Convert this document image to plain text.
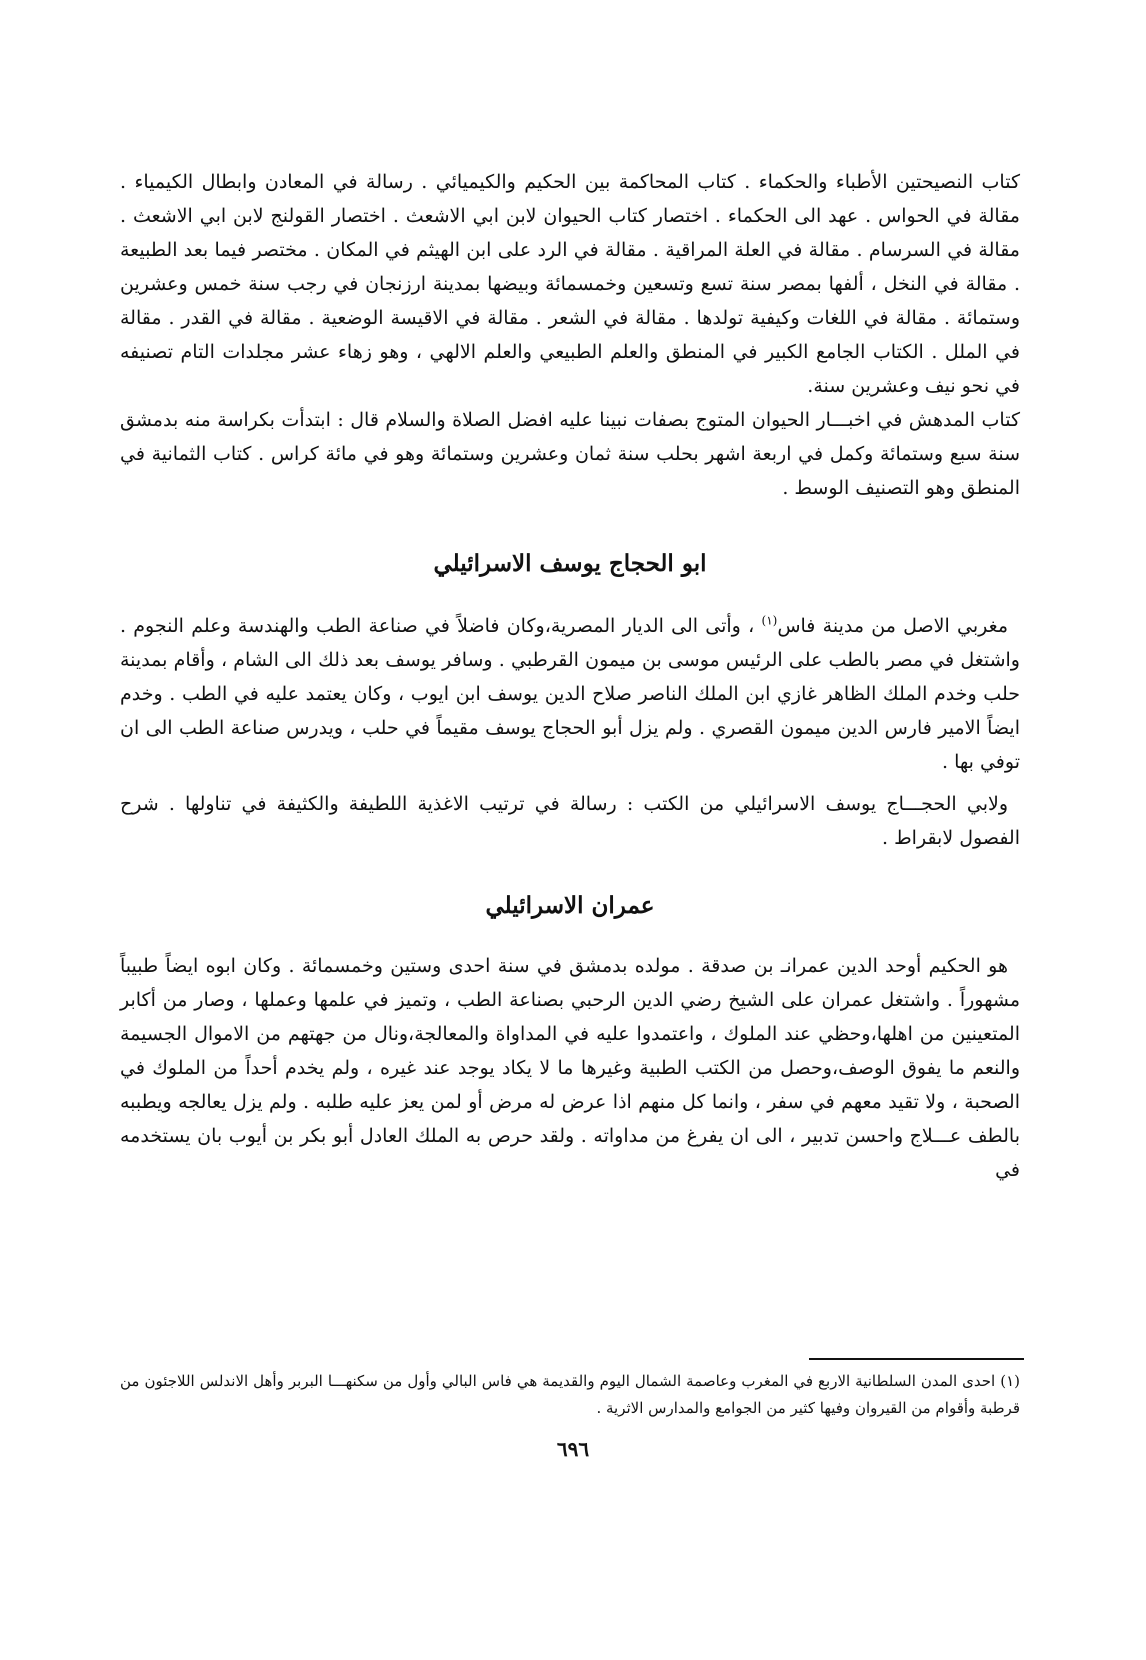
كتاب النصيحتين الأطباء والحكماء . كتاب المحاكمة بين الحكيم والكيميائي . رسالة في المعادن وابطال الكيمياء . مقالة في الحواس . عهد الى الحكماء . اختصار كتاب الحيوان لابن ابي الاشعث . اختصار القولنج لابن ابي الاشعث . مقالة في السرسام . مقالة في العلة المراقية . مقالة في الرد على ابن الهيثم في المكان . مختصر فيما بعد الطبيعة . مقالة في النخل ، ألفها بمصر سنة تسع وتسعين وخمسمائة وبيضها بمدينة ارزنجان في رجب سنة خمس وعشرين وستمائة . مقالة في اللغات وكيفية تولدها . مقالة في الشعر . مقالة في الاقيسة الوضعية . مقالة في القدر . مقالة في الملل . الكتاب الجامع الكبير في المنطق والعلم الطبيعي والعلم الالهي ، وهو زهاء عشر مجلدات التام تصنيفه في نحو نيف وعشرين سنة.

كتاب المدهش في اخبـــار الحيوان المتوج بصفات نبينا عليه افضل الصلاة والسلام قال : ابتدأت بكراسة منه بدمشق سنة سبع وستمائة وكمل في اربعة اشهر بحلب سنة ثمان وعشرين وستمائة وهو في مائة كراس . كتاب الثمانية في المنطق وهو التصنيف الوسط .

ابو الحجاج يوسف الاسرائيلي

مغربي الاصل من مدينة فاس$^{(١)}$ ، وأتى الى الديار المصرية،وكان فاضلاً في صناعة الطب والهندسة وعلم النجوم . واشتغل في مصر بالطب على الرئيس موسى بن ميمون القرطبي . وسافر يوسف بعد ذلك الى الشام ، وأقام بمدينة حلب وخدم الملك الظاهر غازي ابن الملك الناصر صلاح الدين يوسف ابن ايوب ، وكان يعتمد عليه في الطب . وخدم ايضاً الامير فارس الدين ميمون القصري . ولم يزل أبو الحجاج يوسف مقيماً في حلب ، ويدرس صناعة الطب الى ان توفي بها .

ولابي الحجـــاج يوسف الاسرائيلي من الكتب : رسالة في ترتيب الاغذية اللطيفة والكثيفة في تناولها . شرح الفصول لابقراط .

عمران الاسرائيلي

هو الحكيم أوحد الدين عمرانـ بن صدقة . مولده بدمشق في سنة احدى وستين وخمسمائة . وكان ابوه ايضاً طبيباً مشهوراً . واشتغل عمران على الشيخ رضي الدين الرحبي بصناعة الطب ، وتميز في علمها وعملها ، وصار من أكابر المتعينين من اهلها،وحظي عند الملوك ، واعتمدوا عليه في المداواة والمعالجة،ونال من جهتهم من الاموال الجسيمة والنعم ما يفوق الوصف،وحصل من الكتب الطبية وغيرها ما لا يكاد يوجد عند غيره ، ولم يخدم أحداً من الملوك في الصحبة ، ولا تقيد معهم في سفر ، وانما كل منهم اذا عرض له مرض أو لمن يعز عليه طلبه . ولم يزل يعالجه ويطببه بالطف عـــلاج واحسن تدبير ، الى ان يفرغ من مداواته . ولقد حرص به الملك العادل أبو بكر بن أيوب بان يستخدمه في

(١) احدى المدن السلطانية الاربع في المغرب وعاصمة الشمال اليوم والقديمة هي فاس البالي وأول من سكنهـــا البربر وأهل الاندلس اللاجئون من قرطبة وأقوام من القيروان وفيها كثير من الجوامع والمدارس الاثرية .

٦٩٦
